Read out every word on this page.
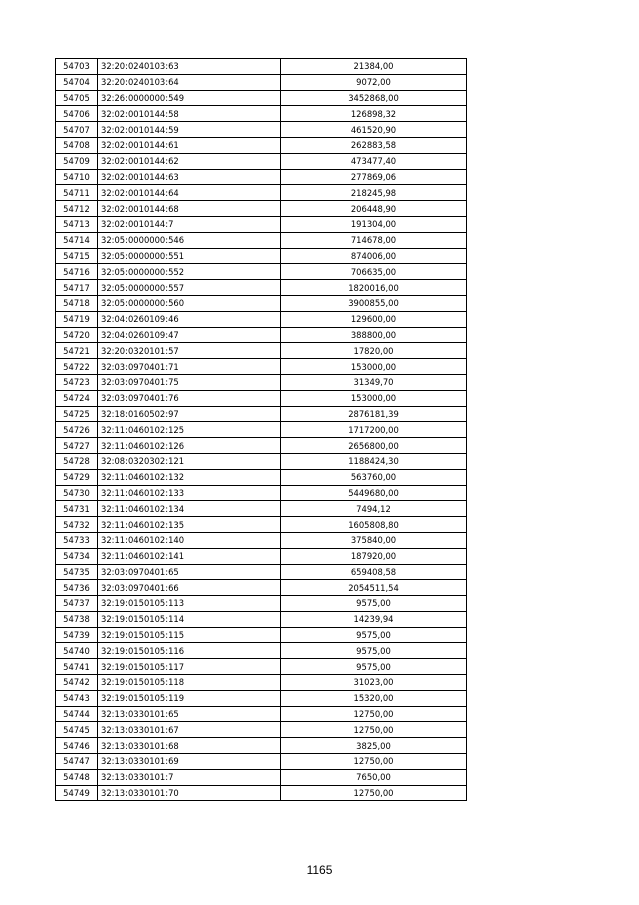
54703	32:20:0240103:63	21384,00
54704	32:20:0240103:64	9072,00
54705	32:26:0000000:549	3452868,00
54706	32:02:0010144:58	126898,32
54707	32:02:0010144:59	461520,90
54708	32:02:0010144:61	262883,58
54709	32:02:0010144:62	473477,40
54710	32:02:0010144:63	277869,06
54711	32:02:0010144:64	218245,98
54712	32:02:0010144:68	206448,90
54713	32:02:0010144:7	191304,00
54714	32:05:0000000:546	714678,00
54715	32:05:0000000:551	874006,00
54716	32:05:0000000:552	706635,00
54717	32:05:0000000:557	1820016,00
54718	32:05:0000000:560	3900855,00
54719	32:04:0260109:46	129600,00
54720	32:04:0260109:47	388800,00
54721	32:20:0320101:57	17820,00
54722	32:03:0970401:71	153000,00
54723	32:03:0970401:75	31349,70
54724	32:03:0970401:76	153000,00
54725	32:18:0160502:97	2876181,39
54726	32:11:0460102:125	1717200,00
54727	32:11:0460102:126	2656800,00
54728	32:08:0320302:121	1188424,30
54729	32:11:0460102:132	563760,00
54730	32:11:0460102:133	5449680,00
54731	32:11:0460102:134	7494,12
54732	32:11:0460102:135	1605808,80
54733	32:11:0460102:140	375840,00
54734	32:11:0460102:141	187920,00
54735	32:03:0970401:65	659408,58
54736	32:03:0970401:66	2054511,54
54737	32:19:0150105:113	9575,00
54738	32:19:0150105:114	14239,94
54739	32:19:0150105:115	9575,00
54740	32:19:0150105:116	9575,00
54741	32:19:0150105:117	9575,00
54742	32:19:0150105:118	31023,00
54743	32:19:0150105:119	15320,00
54744	32:13:0330101:65	12750,00
54745	32:13:0330101:67	12750,00
54746	32:13:0330101:68	3825,00
54747	32:13:0330101:69	12750,00
54748	32:13:0330101:7	7650,00
54749	32:13:0330101:70	12750,00
1165
